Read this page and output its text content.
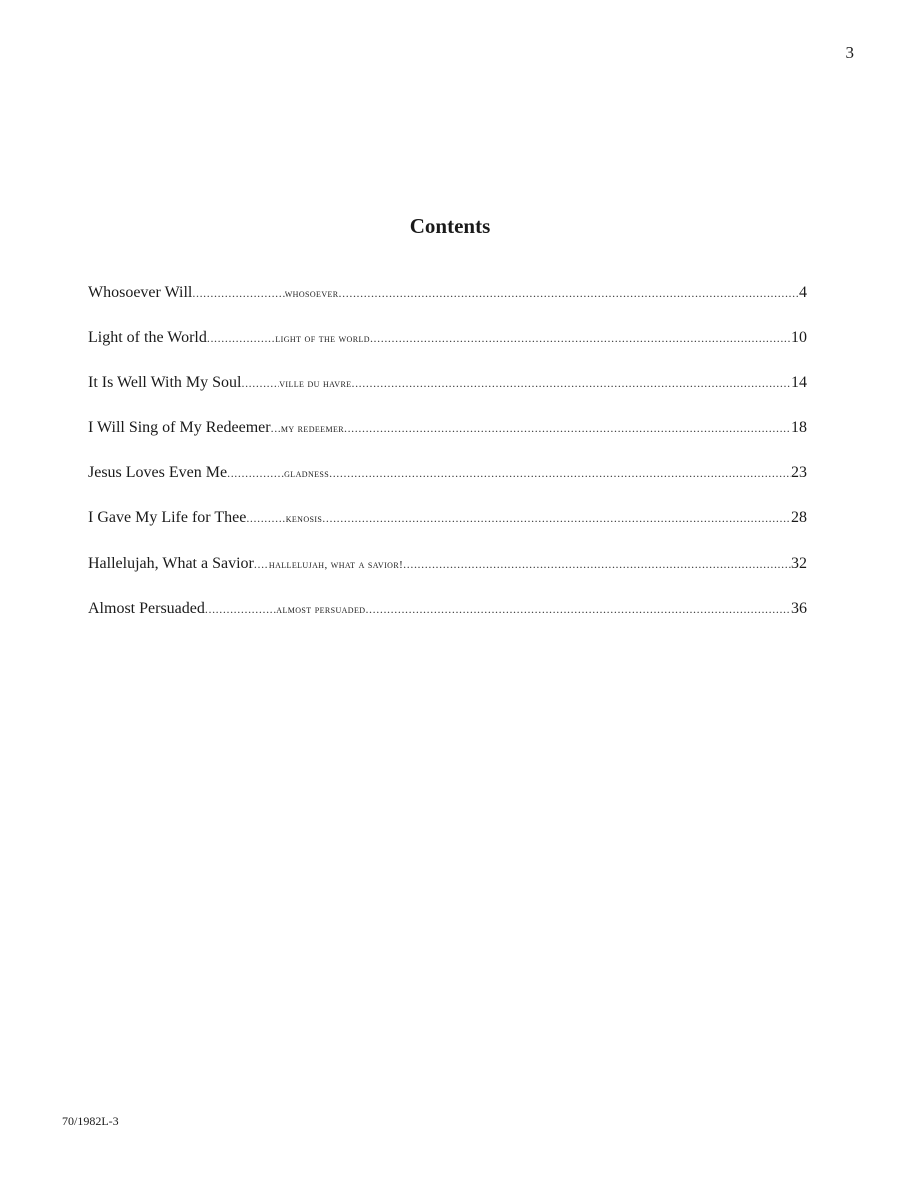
3
Contents
Whosoever Will .....	whosoever .....	4
Light of the World .....	light of the world .....	10
It Is Well With My Soul .....	ville du havre .....	14
I Will Sing of My Redeemer ..... my redeemer .....	18
Jesus Loves Even Me .....	gladness .....	23
I Gave My Life for Thee .....	kenosis .....	28
Hallelujah, What a Savior ..... hallelujah, what a savior! .....	32
Almost Persuaded .....	almost persuaded .....	36
70/1982L-3
